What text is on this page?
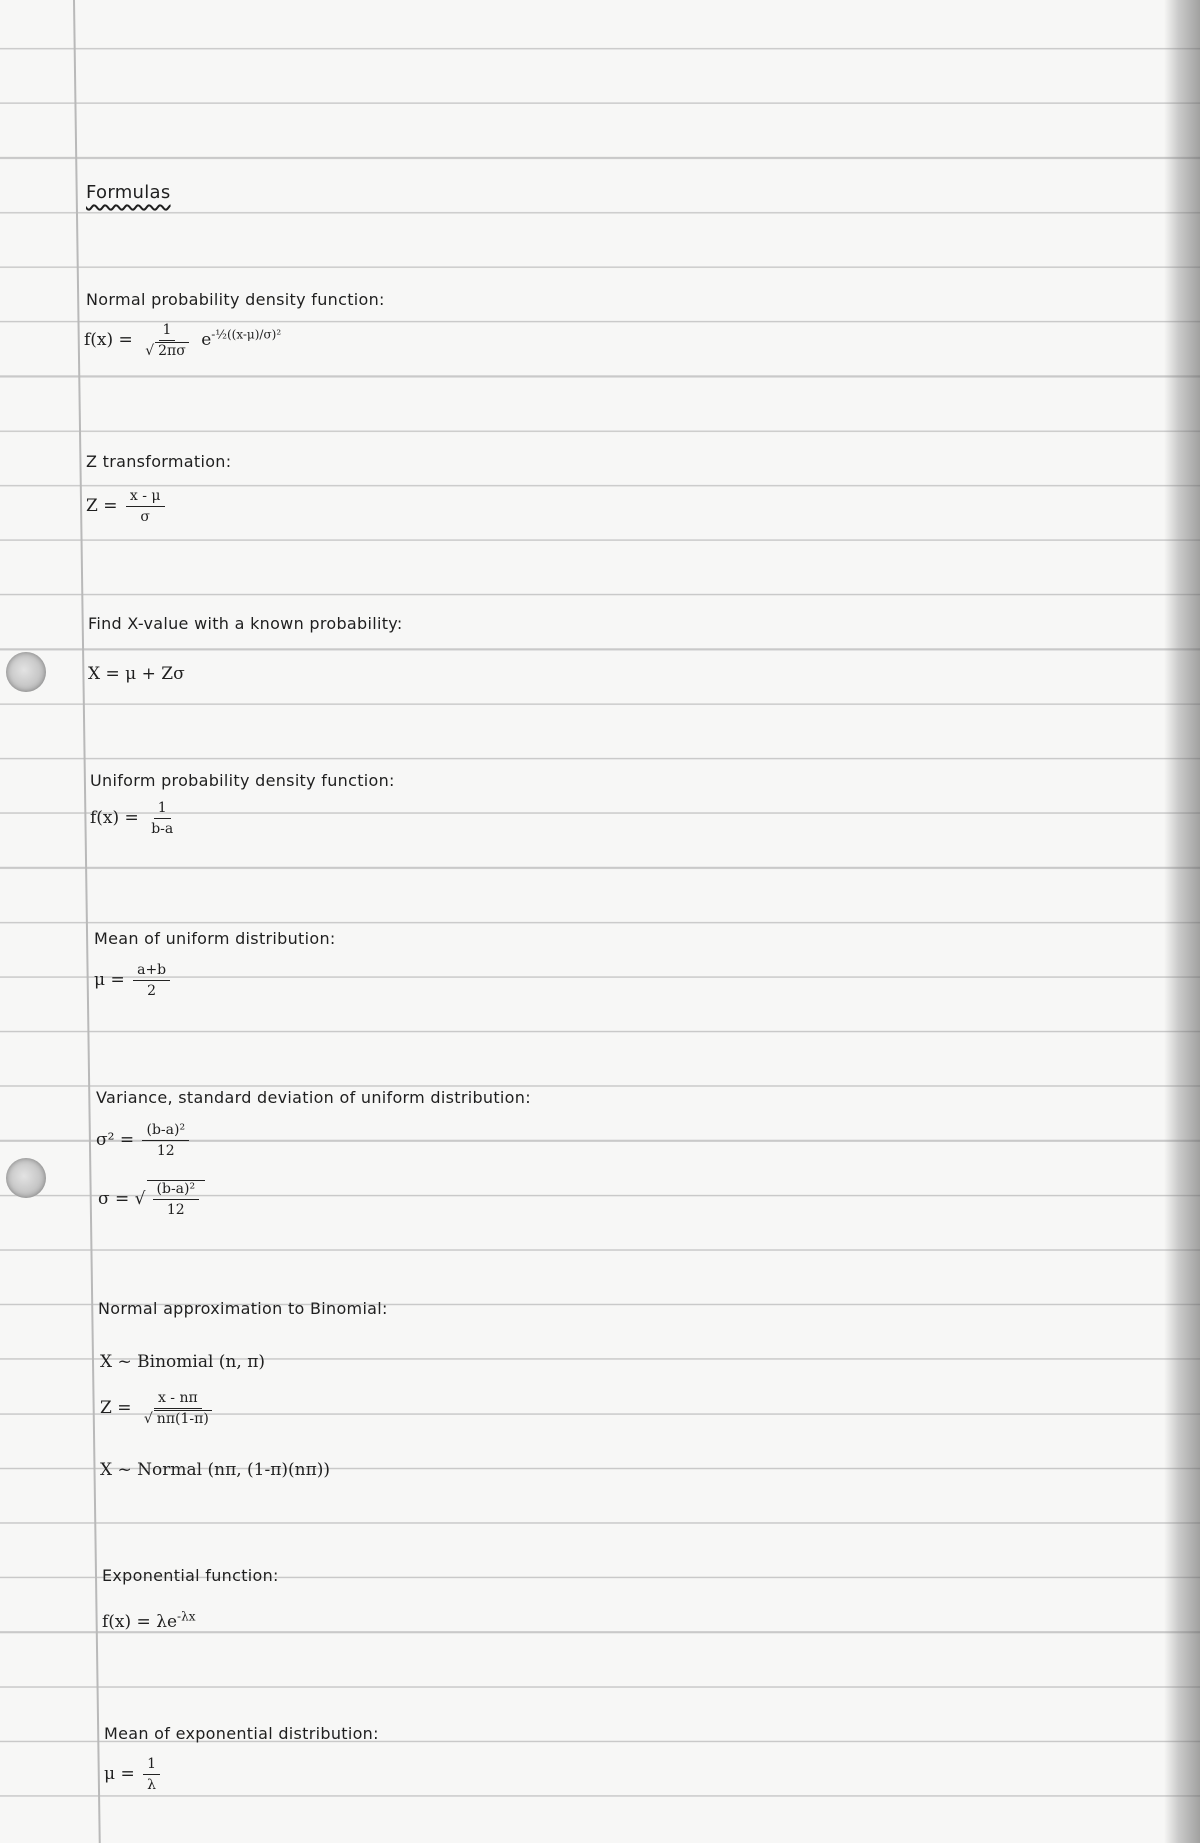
Formulas
Normal probability density function:
$f(x) = \frac{1}{√ 2\pi\sigma} e^{-\frac{1}{2}((x-\mu)/\sigma)^2}$
Z transformation:
$Z = \frac{x - \mu}{\sigma}$
Find X-value with a known probability:
X = μ + Zσ
Uniform probability density function:
$f(x) = \frac{1}{b-a}$
Mean of uniform distribution:
$\mu = \frac{a+b}{2}$
Variance, standard deviation of uniform distribution:
$\sigma^2 = \frac{\text{(b-a)²}}{12}$
σ = √ $\frac{\text{(b-a)²}}{12}$
Normal approximation to Binomial:
X ~ Binomial (n, π)
$Z = \frac{x - n\pi}{√ n\pi(1-\pi)}$
X ~ Normal (nπ, (1-π)(nπ))
Exponential function:
$f(x) = \lambda e^{-\lambda x}$
Mean of exponential distribution:
$\mu = \frac{1}{\lambda}$
